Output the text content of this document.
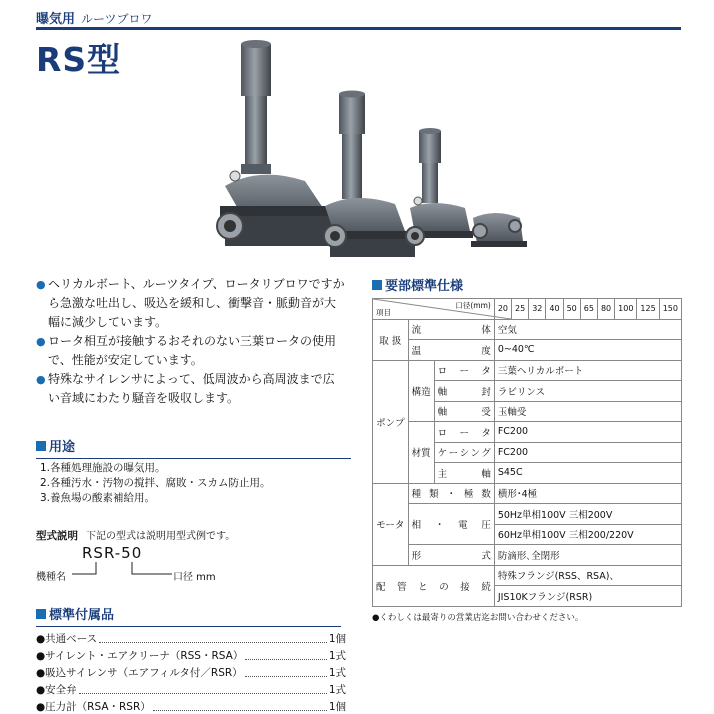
曝気用 ルーツブロワ
RS型
● ヘリカルボート、ルーツタイプ、ロータリブロワですから急激な吐出し、吸込を緩和し、衝撃音・脈動音が大幅に減少しています。
● ロータ相互が接触するおそれのない三葉ロータの使用で、性能が安定しています。
● 特殊なサイレンサによって、低周波から高周波まで広い音域にわたり騒音を吸収します。
用途
1.各種処理施設の曝気用。
2.各種汚水・汚物の撹拌、腐敗・スカム防止用。
3.養魚場の酸素補給用。
型式説明 下記の型式は説明用型式例です。
RSR-50
機種名	口径 mm
標準付属品
●共通ベース	1個
●サイレント・エアクリーナ（RSS・RSA）	1式
●吸込サイレンサ（エアフィルタ付／RSR）	1式
●安全弁	1式
●圧力計（RSA・RSR）	1個
要部標準仕様
口径(mm)
項目			20	25	32	40	50	65	80	100	125	150
取 扱	流体		空気									
	温度		0~40℃									
ポンプ	構造	ロータ	三葉ヘリカルボート									
		軸封	ラビリンス									
		軸受	玉軸受									
	材質	ロータ	FC200									
		ケーシング	FC200									
		主軸	S45C									
モータ	種類・極数		横形･4極									
	相・電圧		50Hz単相100V 三相200V									
			60Hz単相100V 三相200/220V									
	形式		防滴形､全閉形									
配管との接続			特殊フランジ(RSS、RSA)、									
			JIS10Kフランジ(RSR)									
●くわしくは最寄りの営業店迄お問い合わせください。
